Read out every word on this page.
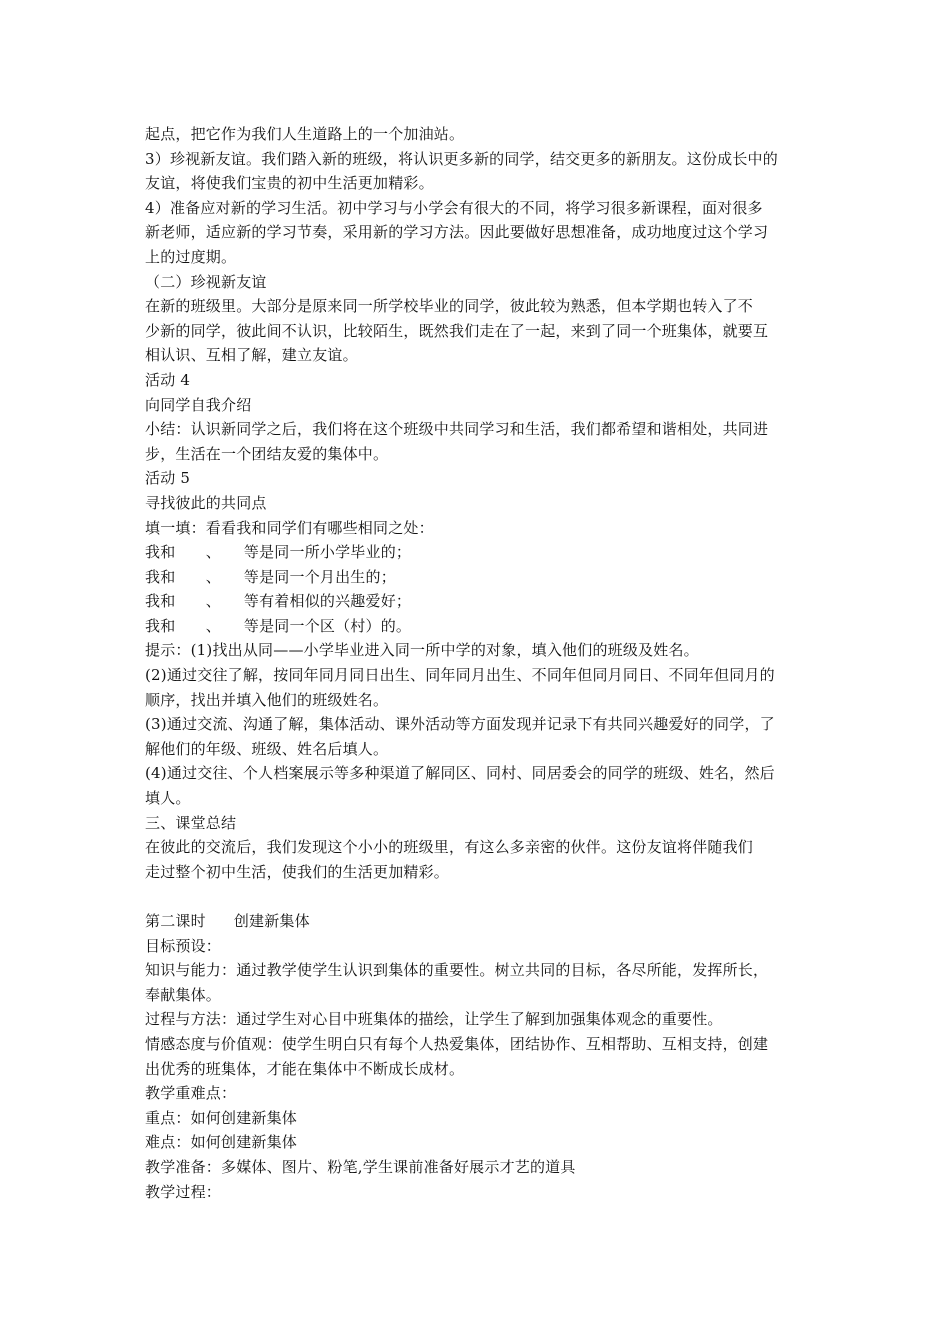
起点，把它作为我们人生道路上的一个加油站。
3）珍视新友谊。我们踏入新的班级，将认识更多新的同学，结交更多的新朋友。这份成长中的
友谊，将使我们宝贵的初中生活更加精彩。
4）准备应对新的学习生活。初中学习与小学会有很大的不同，将学习很多新课程，面对很多
新老师，适应新的学习节奏，采用新的学习方法。因此要做好思想准备，成功地度过这个学习
上的过度期。
（二）珍视新友谊
在新的班级里。大部分是原来同一所学校毕业的同学，彼此较为熟悉，但本学期也转入了不
少新的同学，彼此间不认识，比较陌生，既然我们走在了一起，来到了同一个班集体，就要互
相认识、互相了解，建立友谊。
活动 4
向同学自我介绍
小结：认识新同学之后，我们将在这个班级中共同学习和生活，我们都希望和谐相处，共同进
步，生活在一个团结友爱的集体中。
活动 5
寻找彼此的共同点
填一填：看看我和同学们有哪些相同之处：
我和　　、　　等是同一所小学毕业的；
我和　　、　　等是同一个月出生的；
我和　　、　　等有着相似的兴趣爱好；
我和　　、　　等是同一个区（村）的。
提示：(1)找出从同——小学毕业进入同一所中学的对象，填入他们的班级及姓名。
(2)通过交往了解，按同年同月同日出生、同年同月出生、不同年但同月同日、不同年但同月的
顺序，找出并填入他们的班级姓名。
(3)通过交流、沟通了解，集体活动、课外活动等方面发现并记录下有共同兴趣爱好的同学，了
解他们的年级、班级、姓名后填人。
(4)通过交往、个人档案展示等多种渠道了解同区、同村、同居委会的同学的班级、姓名，然后
填人。
三、课堂总结
在彼此的交流后，我们发现这个小小的班级里，有这么多亲密的伙伴。这份友谊将伴随我们
走过整个初中生活，使我们的生活更加精彩。
第二课时 创建新集体
目标预设：
知识与能力：通过教学使学生认识到集体的重要性。树立共同的目标，各尽所能，发挥所长，
奉献集体。
过程与方法：通过学生对心目中班集体的描绘，让学生了解到加强集体观念的重要性。
情感态度与价值观：使学生明白只有每个人热爱集体，团结协作、互相帮助、互相支持，创建
出优秀的班集体，才能在集体中不断成长成材。
教学重难点：
重点：如何创建新集体
难点：如何创建新集体
教学准备：多媒体、图片、粉笔,学生课前准备好展示才艺的道具
教学过程：
